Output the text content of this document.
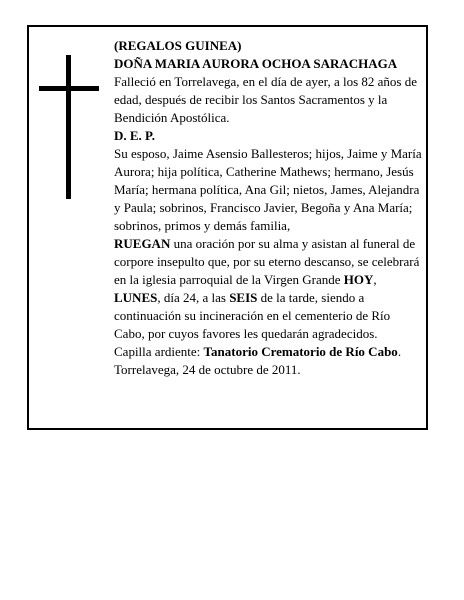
(REGALOS GUINEA)

DOÑA MARIA AURORA OCHOA SARACHAGA

Falleció en Torrelavega, en el día de ayer, a los 82 años de edad, después de recibir los Santos Sacramentos y la Bendición Apostólica.

D. E. P.

Su esposo, Jaime Asensio Ballesteros; hijos, Jaime y María Aurora; hija política, Catherine Mathews; hermano, Jesús María; hermana política, Ana Gil; nietos, James, Alejandra y Paula; sobrinos, Francisco Javier, Begoña y Ana María; sobrinos, primos y demás familia,

RUEGAN una oración por su alma y asistan al funeral de corpore insepulto que, por su eterno descanso, se celebrará en la iglesia parroquial de la Virgen Grande HOY, LUNES, día 24, a las SEIS de la tarde, siendo a continuación su incineración en el cementerio de Río Cabo, por cuyos favores les quedarán agradecidos.

Capilla ardiente: Tanatorio Crematorio de Río Cabo.

Torrelavega, 24 de octubre de 2011.
